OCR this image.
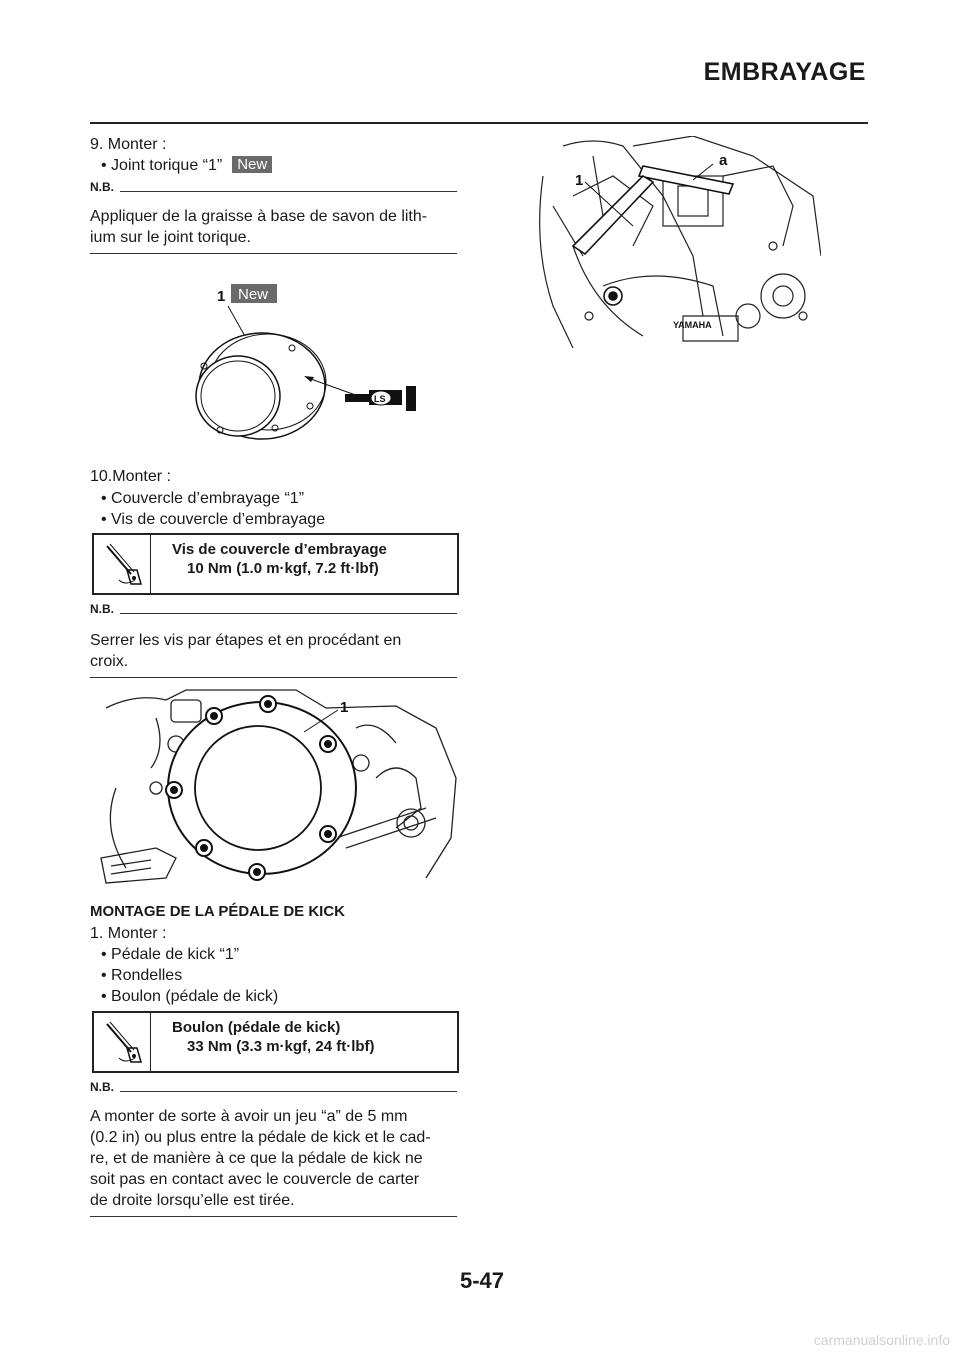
EMBRAYAGE
9. Monter :
• Joint torique “1” New
N.B.
Appliquer de la graisse à base de savon de lith-
ium sur le joint torique.
1 New
LS
10.Monter :
• Couvercle d’embrayage “1”
• Vis de couvercle d’embrayage
Vis de couvercle d’embrayage
10 Nm (1.0 m·kgf, 7.2 ft·lbf)
N.B.
Serrer les vis par étapes et en procédant en
croix.
1
MONTAGE DE LA PÉDALE DE KICK
1. Monter :
• Pédale de kick “1”
• Rondelles
• Boulon (pédale de kick)
Boulon (pédale de kick)
33 Nm (3.3 m·kgf, 24 ft·lbf)
N.B.
A monter de sorte à avoir un jeu “a” de 5 mm
(0.2 in) ou plus entre la pédale de kick et le cad-
re, et de manière à ce que la pédale de kick ne
soit pas en contact avec le couvercle de carter
de droite lorsqu’elle est tirée.
YAMAHA
1
a
5-47
carmanualsonline.info
